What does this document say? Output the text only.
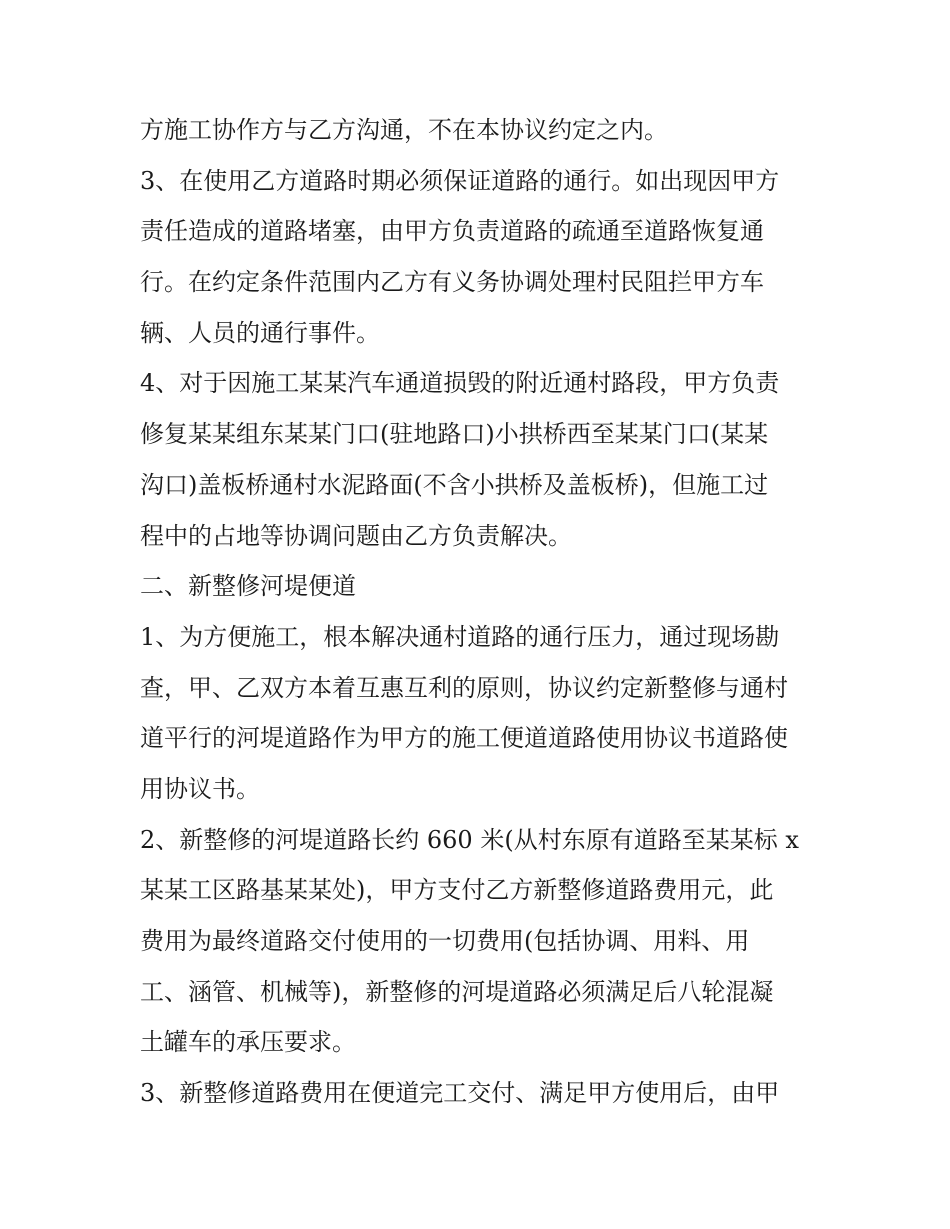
方施工协作方与乙方沟通，不在本协议约定之内。
3、在使用乙方道路时期必须保证道路的通行。如出现因甲方
责任造成的道路堵塞，由甲方负责道路的疏通至道路恢复通
行。在约定条件范围内乙方有义务协调处理村民阻拦甲方车
辆、人员的通行事件。
4、对于因施工某某汽车通道损毁的附近通村路段，甲方负责
修复某某组东某某门口(驻地路口)小拱桥西至某某门口(某某
沟口)盖板桥通村水泥路面(不含小拱桥及盖板桥)，但施工过
程中的占地等协调问题由乙方负责解决。
二、新整修河堤便道
1、为方便施工，根本解决通村道路的通行压力，通过现场勘
查，甲、乙双方本着互惠互利的原则，协议约定新整修与通村
道平行的河堤道路作为甲方的施工便道道路使用协议书道路使
用协议书。
2、新整修的河堤道路长约 660 米(从村东原有道路至某某标 x
某某工区路基某某处)，甲方支付乙方新整修道路费用元，此
费用为最终道路交付使用的一切费用(包括协调、用料、用
工、涵管、机械等)，新整修的河堤道路必须满足后八轮混凝
土罐车的承压要求。
3、新整修道路费用在便道完工交付、满足甲方使用后，由甲
